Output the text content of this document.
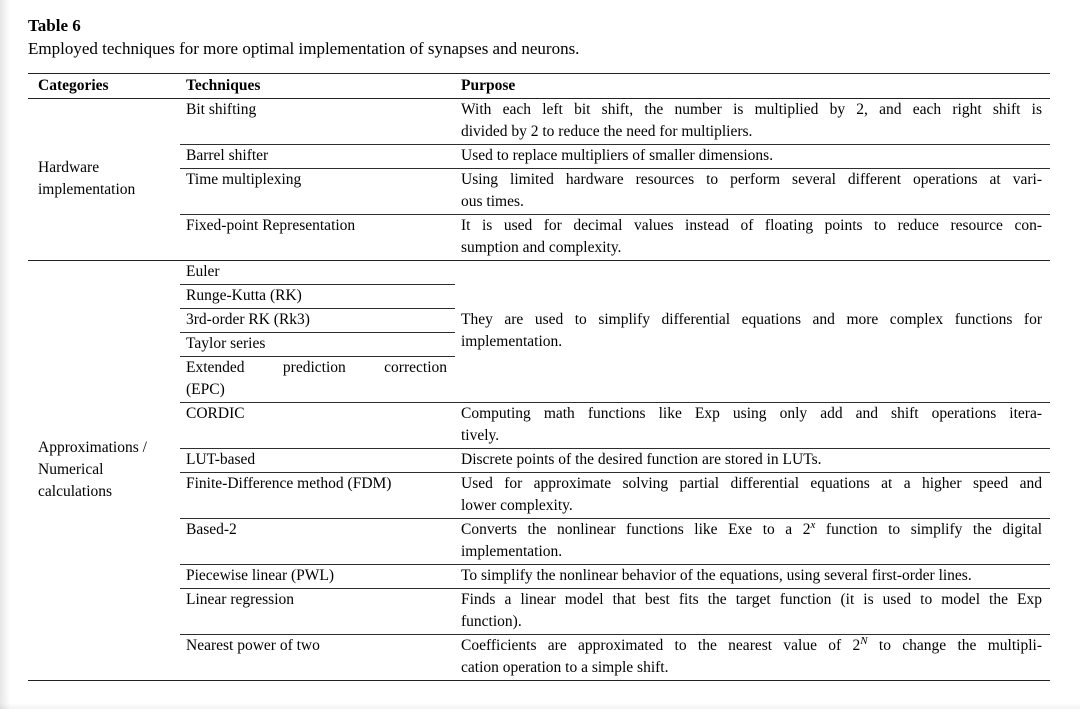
Table 6
Employed techniques for more optimal implementation of synapses and neurons.
Categories	Techniques	Purpose

Hardware
implementation
	Bit shifting	With each left bit shift, the number is multiplied by 2, and each right shift is
divided by 2 to reduce the need for multipliers.

	Barrel shifter	Used to replace multipliers of smaller dimensions.
	Time multiplexing	Using limited hardware resources to perform several different operations at vari-
ous times.

	Fixed-point Representation	It is used for decimal values instead of floating points to reduce resource con-
sumption and complexity.

Approximations /
Numerical
calculations
	Euler	
They are used to simplify differential equations and more complex functions for
implementation.

	Runge-Kutta (RK)	
	3rd-order RK (Rk3)	
	Taylor series	

	Extended prediction correction
(EPC)	

	CORDIC	Computing math functions like Exp using only add and shift operations itera-
tively.

	LUT-based	Discrete points of the desired function are stored in LUTs.
	Finite-Difference method (FDM)	Used for approximate solving partial differential equations at a higher speed and
lower complexity.

	Based-2	Converts the nonlinear functions like Exe to a 2$^x$ function to simplify the digital
implementation.

	Piecewise linear (PWL)	To simplify the nonlinear behavior of the equations, using several first-order lines.
	Linear regression	Finds a linear model that best fits the target function (it is used to model the Exp
function).

	Nearest power of two	Coefficients are approximated to the nearest value of $2^N$ to change the multipli-
cation operation to a simple shift.
